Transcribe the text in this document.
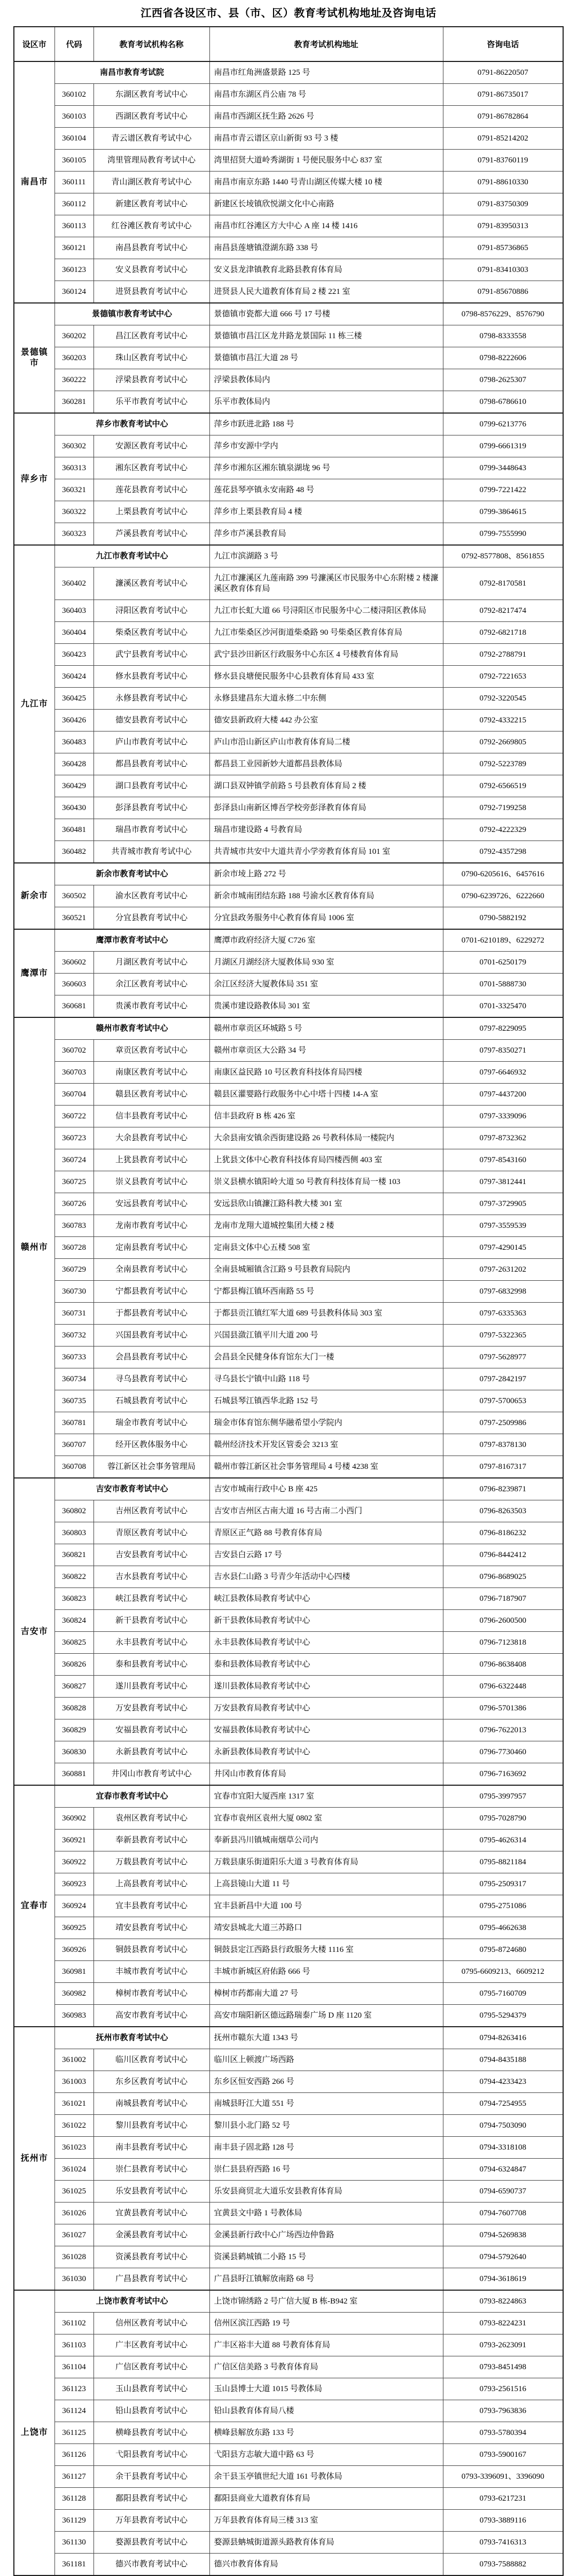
江西省各设区市、县（市、区）教育考试机构地址及咨询电话
设区市	代码	教育考试机构名称	教育考试机构地址	咨询电话
南昌市	南昌市教育考试院		南昌市红角洲盛景路 125 号	0791-86220507
	360102	东湖区教育考试中心	南昌市东湖区肖公庙 78 号	0791-86735017
	360103	西湖区教育考试中心	南昌市西湖区抚生路 2626 号	0791-86782864
	360104	青云谱区教育考试中心	南昌市青云谱区京山新街 93 号 3 楼	0791-85214202
	360105	湾里管理局教育考试中心	湾里招贤大道岭秀湖街 1 号便民服务中心 837 室	0791-83760119
	360111	青山湖区教育考试中心	南昌市南京东路 1440 号青山湖区传媒大楼 10 楼	0791-88610330
	360112	新建区教育考试中心	新建区长堎镇欣悦湖文化中心南路	0791-83750309
	360113	红谷滩区教育考试中心	南昌市红谷滩区方大中心 A 座 14 楼 1416	0791-83950313
	360121	南昌县教育考试中心	南昌县莲塘镇澄湖东路 338 号	0791-85736865
	360123	安义县教育考试中心	安义县龙津镇教育北路县教育体育局	0791-83410303
	360124	进贤县教育考试中心	进贤县人民大道教育体育局 2 楼 221 室	0791-85670886
景德镇市	景德镇市教育考试中心		景德镇市瓷都大道 666 号 17 号楼	0798-8576229、8576790
	360202	昌江区教育考试中心	景德镇市昌江区龙井路龙景国际 11 栋三楼	0798-8333558
	360203	珠山区教育考试中心	景德镇市昌江大道 28 号	0798-8222606
	360222	浮梁县教育考试中心	浮梁县教体局内	0798-2625307
	360281	乐平市教育考试中心	乐平市教体局内	0798-6786610
萍乡市	萍乡市教育考试中心		萍乡市跃进北路 188 号	0799-6213776
	360302	安源区教育考试中心	萍乡市安源中学内	0799-6661319
	360313	湘东区教育考试中心	萍乡市湘东区湘东镇泉湖垅 96 号	0799-3448643
	360321	莲花县教育考试中心	莲花县琴亭镇永安南路 48 号	0799-7221422
	360322	上栗县教育考试中心	萍乡市上栗县教育局 4 楼	0799-3864615
	360323	芦溪县教育考试中心	萍乡市芦溪县教育局	0799-7555990
九江市	九江市教育考试中心		九江市滨湖路 3 号	0792-8577808、8561855
	360402	濂溪区教育考试中心	九江市濂溪区九莲南路 399 号濂溪区市民服务中心东附楼 2 楼濂溪区教育体育局	0792-8170581
	360403	浔阳区教育考试中心	九江市长虹大道 66 号浔阳区市民服务中心二楼浔阳区教体局	0792-8217474
	360404	柴桑区教育考试中心	九江市柴桑区沙河街道柴桑路 90 号柴桑区教育体育局	0792-6821718
	360423	武宁县教育考试中心	武宁县沙田新区行政服务中心东区 4 号楼教育体育局	0792-2788791
	360424	修水县教育考试中心	修水县良塘便民服务中心县教育体育局 433 室	0792-7221653
	360425	永修县教育考试中心	永修县建昌东大道永修二中东侧	0792-3220545
	360426	德安县教育考试中心	德安县新政府大楼 442 办公室	0792-4332215
	360483	庐山市教育考试中心	庐山市沿山新区庐山市教育体育局二楼	0792-2669805
	360428	都昌县教育考试中心	都昌县工业园新妙大道都昌县教体局	0792-5223789
	360429	湖口县教育考试中心	湖口县双钟镇学前路 5 号县教育体育局 2 楼	0792-6566519
	360430	彭泽县教育考试中心	彭泽县山南新区博吾学校旁彭泽教育体育局	0792-7199258
	360481	瑞昌市教育考试中心	瑞昌市建设路 4 号教育局	0792-4222329
	360482	共青城市教育考试中心	共青城市共安中大道共青小学旁教育体育局 101 室	0792-4357298
新余市	新余市教育考试中心		新余市堎上路 272 号	0790-6205616、6457616
	360502	渝水区教育考试中心	新余市城南团结东路 188 号渝水区教育体育局	0790-6239726、6222660
	360521	分宜县教育考试中心	分宜县政务服务中心教育体育局 1006 室	0790-5882192
鹰潭市	鹰潭市教育考试中心		鹰潭市政府经济大厦 C726 室	0701-6210189、6229272
	360602	月湖区教育考试中心	月湖区月湖经济大厦教体局 930 室	0701-6250179
	360603	余江区教育考试中心	余江区经济大厦教体局 351 室	0701-5888730
	360681	贵溪市教育考试中心	贵溪市建设路教体局 301 室	0701-3325470
赣州市	赣州市教育考试中心		赣州市章贡区环城路 5 号	0797-8229095
	360702	章贡区教育考试中心	赣州市章贡区大公路 34 号	0797-8350271
	360703	南康区教育考试中心	南康区益民路 10 号区教育科技体育局四楼	0797-6646932
	360704	赣县区教育考试中心	赣县区灌婴路行政服务中心中塔十四楼 14-A 室	0797-4437200
	360722	信丰县教育考试中心	信丰县政府 B 栋 426 室	0797-3339096
	360723	大余县教育考试中心	大余县南安镇余西街建设路 26 号教科体局一楼院内	0797-8732362
	360724	上犹县教育考试中心	上犹县文体中心教育科技体育局四楼西侧 403 室	0797-8543160
	360725	崇义县教育考试中心	崇义县横水镇阳岭大道 50 号教育科技体育局一楼 103	0797-3812441
	360726	安远县教育考试中心	安远县欣山镇濂江路科教大楼 301 室	0797-3729905
	360783	龙南市教育考试中心	龙南市龙翔大道城控集团大楼 2 楼	0797-3559539
	360728	定南县教育考试中心	定南县文体中心五楼 508 室	0797-4290145
	360729	全南县教育考试中心	全南县城厢镇含江路 9 号县教育局院内	0797-2631202
	360730	宁都县教育考试中心	宁都县梅江镇环西南路 55 号	0797-6832998
	360731	于都县教育考试中心	于都县贡江镇红军大道 689 号县教科体局 303 室	0797-6335363
	360732	兴国县教育考试中心	兴国县潋江镇平川大道 200 号	0797-5322365
	360733	会昌县教育考试中心	会昌县全民健身体育馆东大门一楼	0797-5628977
	360734	寻乌县教育考试中心	寻乌县长宁镇中山路 118 号	0797-2842197
	360735	石城县教育考试中心	石城县琴江镇西华北路 152 号	0797-5700653
	360781	瑞金市教育考试中心	瑞金市体育馆东侧华融希望小学院内	0797-2509986
	360707	经开区教体服务中心	赣州经济技术开发区管委会 3213 室	0797-8378130
	360708	蓉江新区社会事务管理局	赣州市蓉江新区社会事务管理局 4 号楼 4238 室	0797-8167317
吉安市	吉安市教育考试中心		吉安市城南行政中心 B 座 425	0796-8239871
	360802	吉州区教育考试中心	吉安市吉州区古南大道 16 号古南二小西门	0796-8263503
	360803	青原区教育考试中心	青原区正气路 88 号教育体育局	0796-8186232
	360821	吉安县教育考试中心	吉安县白云路 17 号	0796-8442412
	360822	吉水县教育考试中心	吉水县仁山路 3 号青少年活动中心四楼	0796-8689025
	360823	峡江县教育考试中心	峡江县教体局教育考试中心	0796-7187907
	360824	新干县教育考试中心	新干县教体局教育考试中心	0796-2600500
	360825	永丰县教育考试中心	永丰县教体局教育考试中心	0796-7123818
	360826	泰和县教育考试中心	泰和县教体局教育考试中心	0796-8638408
	360827	遂川县教育考试中心	遂川县教体局教育考试中心	0796-6322448
	360828	万安县教育考试中心	万安县教育局教育考试中心	0796-5701386
	360829	安福县教育考试中心	安福县教体局教育考试中心	0796-7622013
	360830	永新县教育考试中心	永新县教体局教育考试中心	0796-7730460
	360881	井冈山市教育考试中心	井冈山市教育体育局	0796-7163692
宜春市	宜春市教育考试中心		宜春市宜阳大厦西座 1317 室	0795-3997957
	360902	袁州区教育考试中心	宜春市袁州区袁州大厦 0802 室	0795-7028790
	360921	奉新县教育考试中心	奉新县冯川镇城南烟草公司内	0795-4626314
	360922	万载县教育考试中心	万载县康乐街道阳乐大道 3 号教育体育局	0795-8821184
	360923	上高县教育考试中心	上高县镜山大道 11 号	0795-2509317
	360924	宜丰县教育考试中心	宜丰县新昌中大道 100 号	0795-2751086
	360925	靖安县教育考试中心	靖安县城北大道三苏路口	0795-4662638
	360926	铜鼓县教育考试中心	铜鼓县定江西路县行政服务大楼 1116 室	0795-8724680
	360981	丰城市教育考试中心	丰城市新城区府佑路 666 号	0795-6609213、6609212
	360982	樟树市教育考试中心	樟树市药都南大道 27 号	0795-7160709
	360983	高安市教育考试中心	高安市瑞阳新区德远路瑞泰广场 D 座 1120 室	0795-5294379
抚州市	抚州市教育考试中心		抚州市赣东大道 1343 号	0794-8263416
	361002	临川区教育考试中心	临川区上顿渡广场西路	0794-8435188
	361003	东乡区教育考试中心	东乡区恒安西路 266 号	0794-4233423
	361021	南城县教育考试中心	南城县盱江大道 551 号	0794-7254955
	361022	黎川县教育考试中心	黎川县小北门路 52 号	0794-7503090
	361023	南丰县教育考试中心	南丰县子固北路 128 号	0794-3318108
	361024	崇仁县教育考试中心	崇仁县县府西路 16 号	0794-6324847
	361025	乐安县教育考试中心	乐安县商贸北大道乐安县教育体育局	0794-6590737
	361026	宜黄县教育考试中心	宜黄县文中路 1 号教体局	0794-7607708
	361027	金溪县教育考试中心	金溪县新行政中心广场西边仲鲁路	0794-5269838
	361028	资溪县教育考试中心	资溪县鹤城镇二小路 15 号	0794-5792640
	361030	广昌县教育考试中心	广昌县盱江镇解放南路 68 号	0794-3618619
上饶市	上饶市教育考试中心		上饶市锦绣路 2 号广信大厦 B 栋-B942 室	0793-8224863
	361102	信州区教育考试中心	信州区滨江西路 19 号	0793-8224231
	361103	广丰区教育考试中心	广丰区裕丰大道 88 号教育体育局	0793-2623091
	361104	广信区教育考试中心	广信区信美路 3 号教育体育局	0793-8451498
	361123	玉山县教育考试中心	玉山县博士大道 1015 号教体局	0793-2561516
	361124	铅山县教育考试中心	铅山县教育体育局八楼	0793-7963836
	361125	横峰县教育考试中心	横峰县解放东路 133 号	0793-5780394
	361126	弋阳县教育考试中心	弋阳县方志敏大道中路 63 号	0793-5900167
	361127	余干县教育考试中心	余干县玉亭镇世纪大道 161 号教体局	0793-3396091、3396090
	361128	鄱阳县教育考试中心	鄱阳县商业大道教育体育局	0793-6217231
	361129	万年县教育考试中心	万年县教育体育局三楼 313 室	0793-3889116
	361130	婺源县教育考试中心	婺源县蚺城街道源头路教育体育局	0793-7416313
	361181	德兴市教育考试中心	德兴市教育体育局	0793-7588882
